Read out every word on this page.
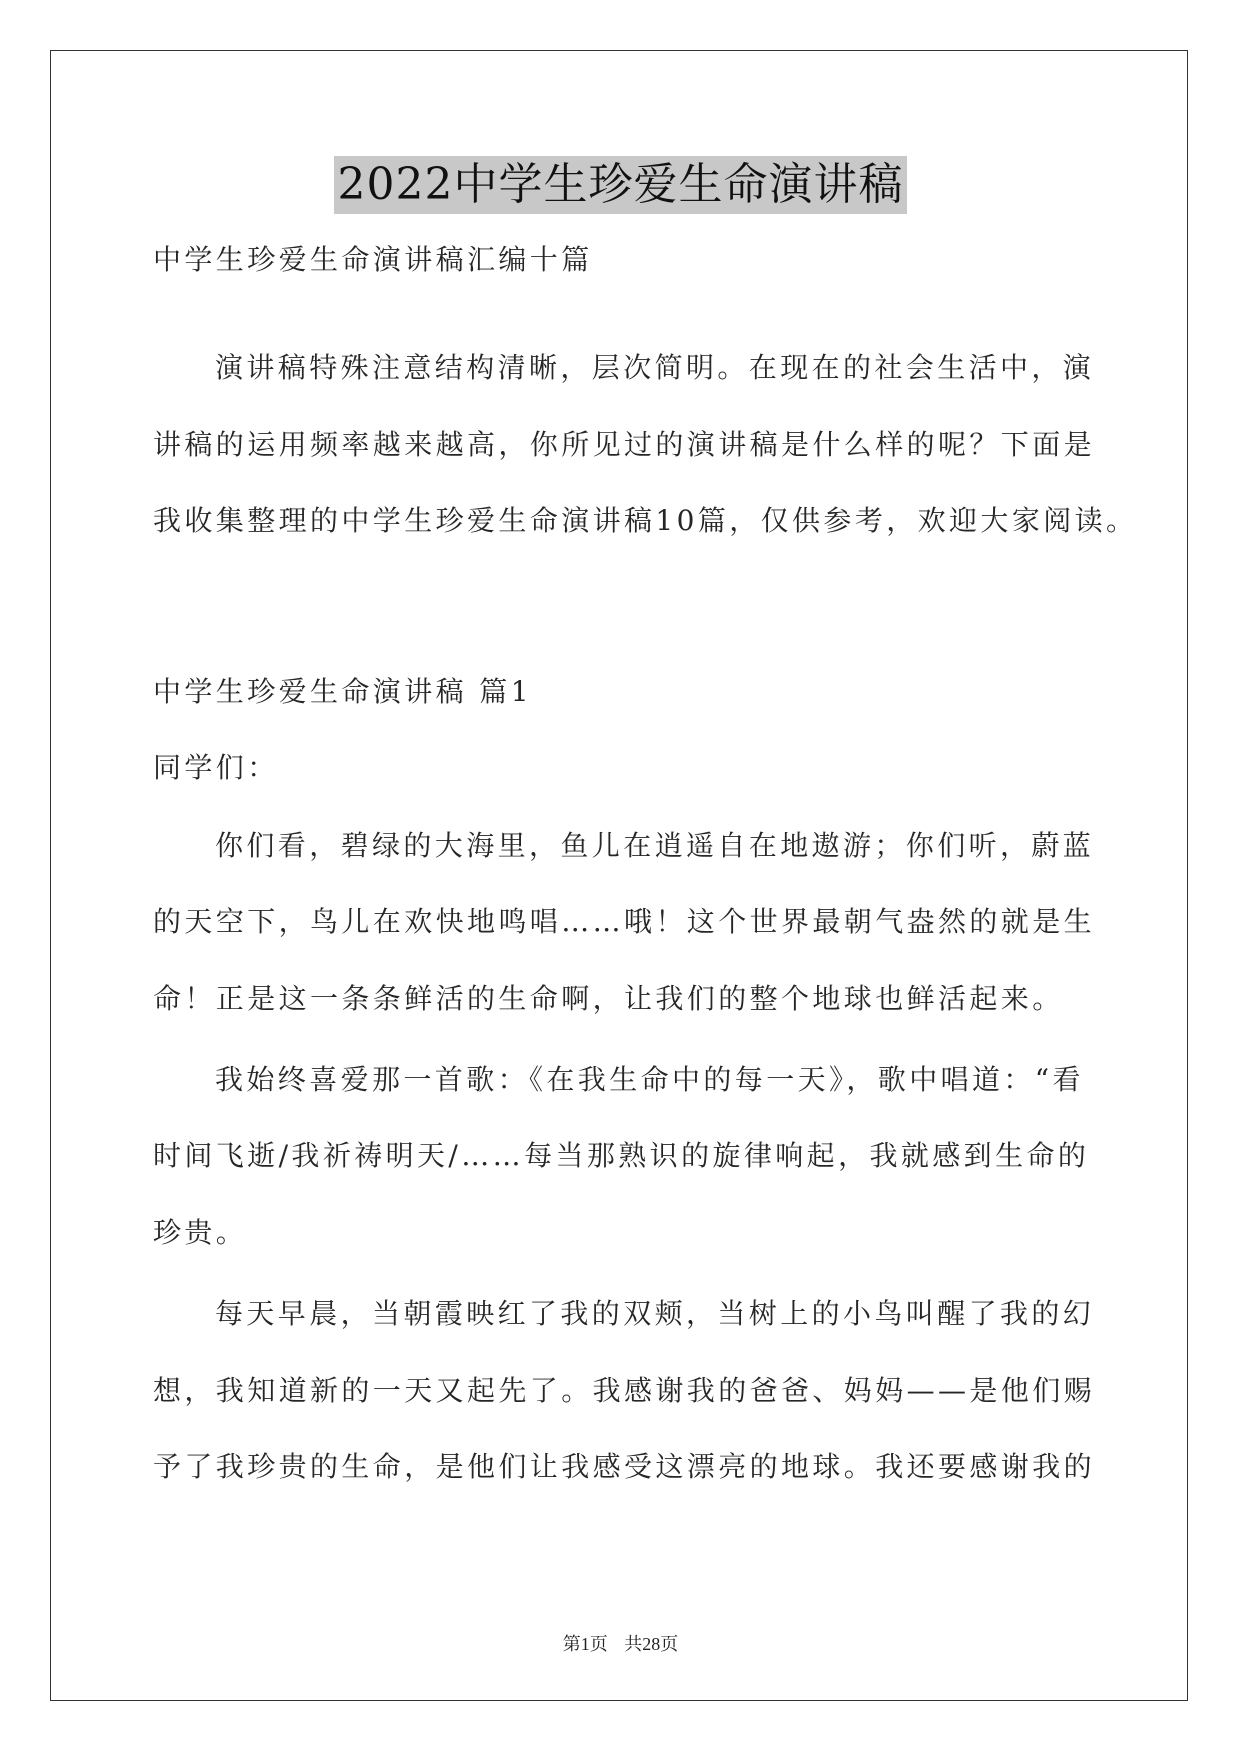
2022中学生珍爱生命演讲稿
中学生珍爱生命演讲稿汇编十篇
演讲稿特殊注意结构清晰，层次简明。在现在的社会生活中，演
讲稿的运用频率越来越高，你所见过的演讲稿是什么样的呢？下面是
我收集整理的中学生珍爱生命演讲稿10篇，仅供参考，欢迎大家阅读。
中学生珍爱生命演讲稿 篇1
同学们：
你们看，碧绿的大海里，鱼儿在逍遥自在地遨游；你们听，蔚蓝
的天空下，鸟儿在欢快地鸣唱……哦！这个世界最朝气盎然的就是生
命！正是这一条条鲜活的生命啊，让我们的整个地球也鲜活起来。
我始终喜爱那一首歌：《在我生命中的每一天》，歌中唱道：“看
时间飞逝/我祈祷明天/……每当那熟识的旋律响起，我就感到生命的
珍贵。
每天早晨，当朝霞映红了我的双颊，当树上的小鸟叫醒了我的幻
想，我知道新的一天又起先了。我感谢我的爸爸、妈妈——是他们赐
予了我珍贵的生命，是他们让我感受这漂亮的地球。我还要感谢我的
第1页 共28页
